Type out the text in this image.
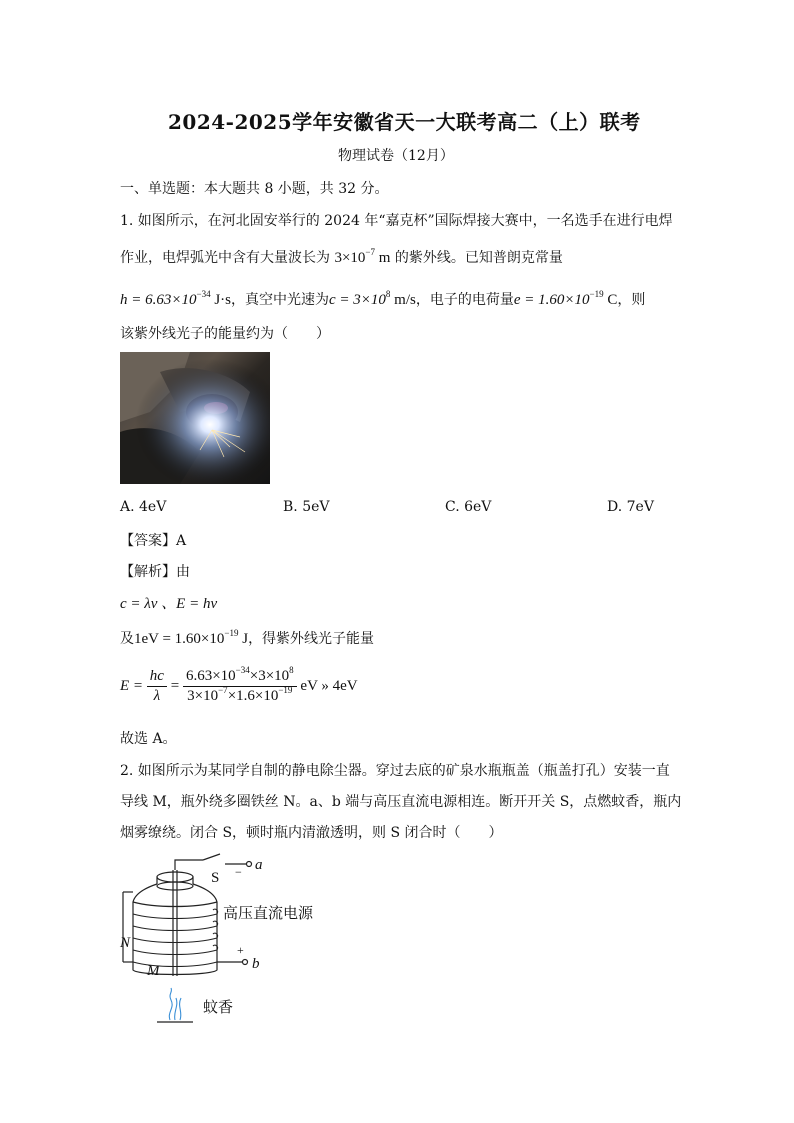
2024-2025学年安徽省天一大联考高二（上）联考
物理试卷（12月）
一、单选题：本大题共 8 小题，共 32 分。
1. 如图所示，在河北固安举行的 2024 年“嘉克杯”国际焊接大赛中，一名选手在进行电焊
作业，电焊弧光中含有大量波长为 $3\times 10^{-7}$ m 的紫外线。已知普朗克常量
$h = 6.63\times 10^{-34}$ J·s，真空中光速为$c = 3\times 10^8$ m/s，电子的电荷量$e = 1.60\times 10^{-19}$ C，则
该紫外线光子的能量约为（　　）
A. 4eV	B. 5eV	C. 6eV	D. 7eV
【答案】A
【解析】由
c = λν 、E = hν
及$1eV = 1.60\times 10^{-19}$ J，得紫外线光子能量
$E = \frac{hc}{\lambda} = \frac{6.63\times 10^{-34}\times 3\times 10^8}{3\times 10^{-7}\times 1.6\times 10^{-19}}$ eV » 4eV
故选 A。
2. 如图所示为某同学自制的静电除尘器。穿过去底的矿泉水瓶瓶盖（瓶盖打孔）安装一直
导线 M，瓶外绕多圈铁丝 N。a、b 端与高压直流电源相连。断开开关 S，点燃蚊香，瓶内
烟雾缭绕。闭合 S，顿时瓶内清澈透明，则 S 闭合时（　　）
S − a
+
b
N
M
高压直流电源
蚊香
